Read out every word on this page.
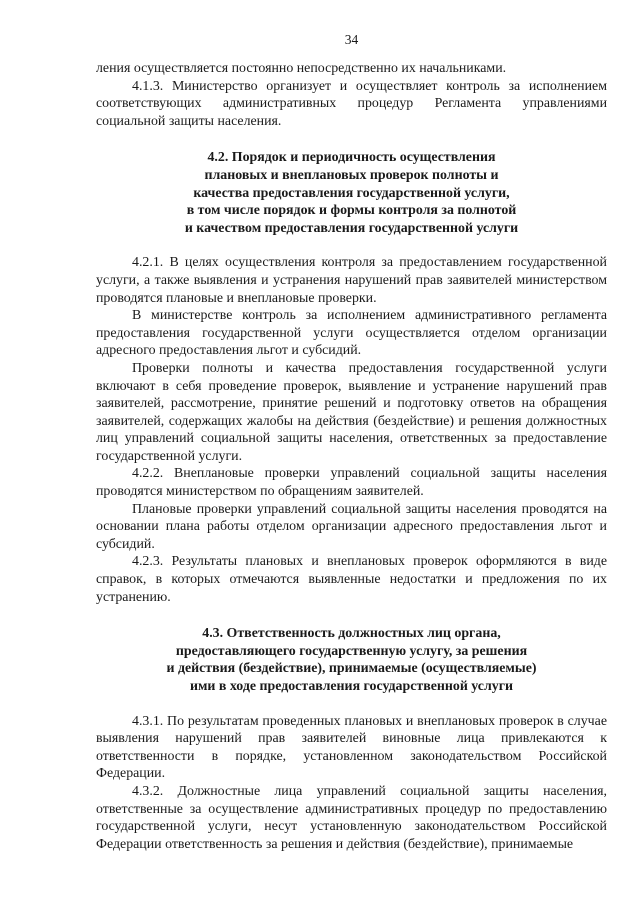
34

ления осуществляется постоянно непосредственно их начальниками.

4.1.3. Министерство организует и осуществляет контроль за исполнением соответствующих административных процедур Регламента управлениями социальной защиты населения.

4.2. Порядок и периодичность осуществления
плановых и внеплановых проверок полноты и
качества предоставления государственной услуги,
в том числе порядок и формы контроля за полнотой
и качеством предоставления государственной услуги

4.2.1. В целях осуществления контроля за предоставлением государственной услуги, а также выявления и устранения нарушений прав заявителей министерством проводятся плановые и внеплановые проверки.

В министерстве контроль за исполнением административного регламента предоставления государственной услуги осуществляется отделом организации адресного предоставления льгот и субсидий.

Проверки полноты и качества предоставления государственной услуги включают в себя проведение проверок, выявление и устранение нарушений прав заявителей, рассмотрение, принятие решений и подготовку ответов на обращения заявителей, содержащих жалобы на действия (бездействие) и решения должностных лиц управлений социальной защиты населения, ответственных за предоставление государственной услуги.

4.2.2. Внеплановые проверки управлений социальной защиты населения проводятся министерством по обращениям заявителей.

Плановые проверки управлений социальной защиты населения проводятся на основании плана работы отделом организации адресного предоставления льгот и субсидий.

4.2.3. Результаты плановых и внеплановых проверок оформляются в виде справок, в которых отмечаются выявленные недостатки и предложения по их устранению.

4.3. Ответственность должностных лиц органа,
предоставляющего государственную услугу, за решения
и действия (бездействие), принимаемые (осуществляемые)
ими в ходе предоставления государственной услуги

4.3.1. По результатам проведенных плановых и внеплановых проверок в случае выявления нарушений прав заявителей виновные лица привлекаются к ответственности в порядке, установленном законодательством Российской Федерации.

4.3.2. Должностные лица управлений социальной защиты населения, ответственные за осуществление административных процедур по предоставлению государственной услуги, несут установленную законодательством Российской Федерации ответственность за решения и действия (бездействие), принимаемые
